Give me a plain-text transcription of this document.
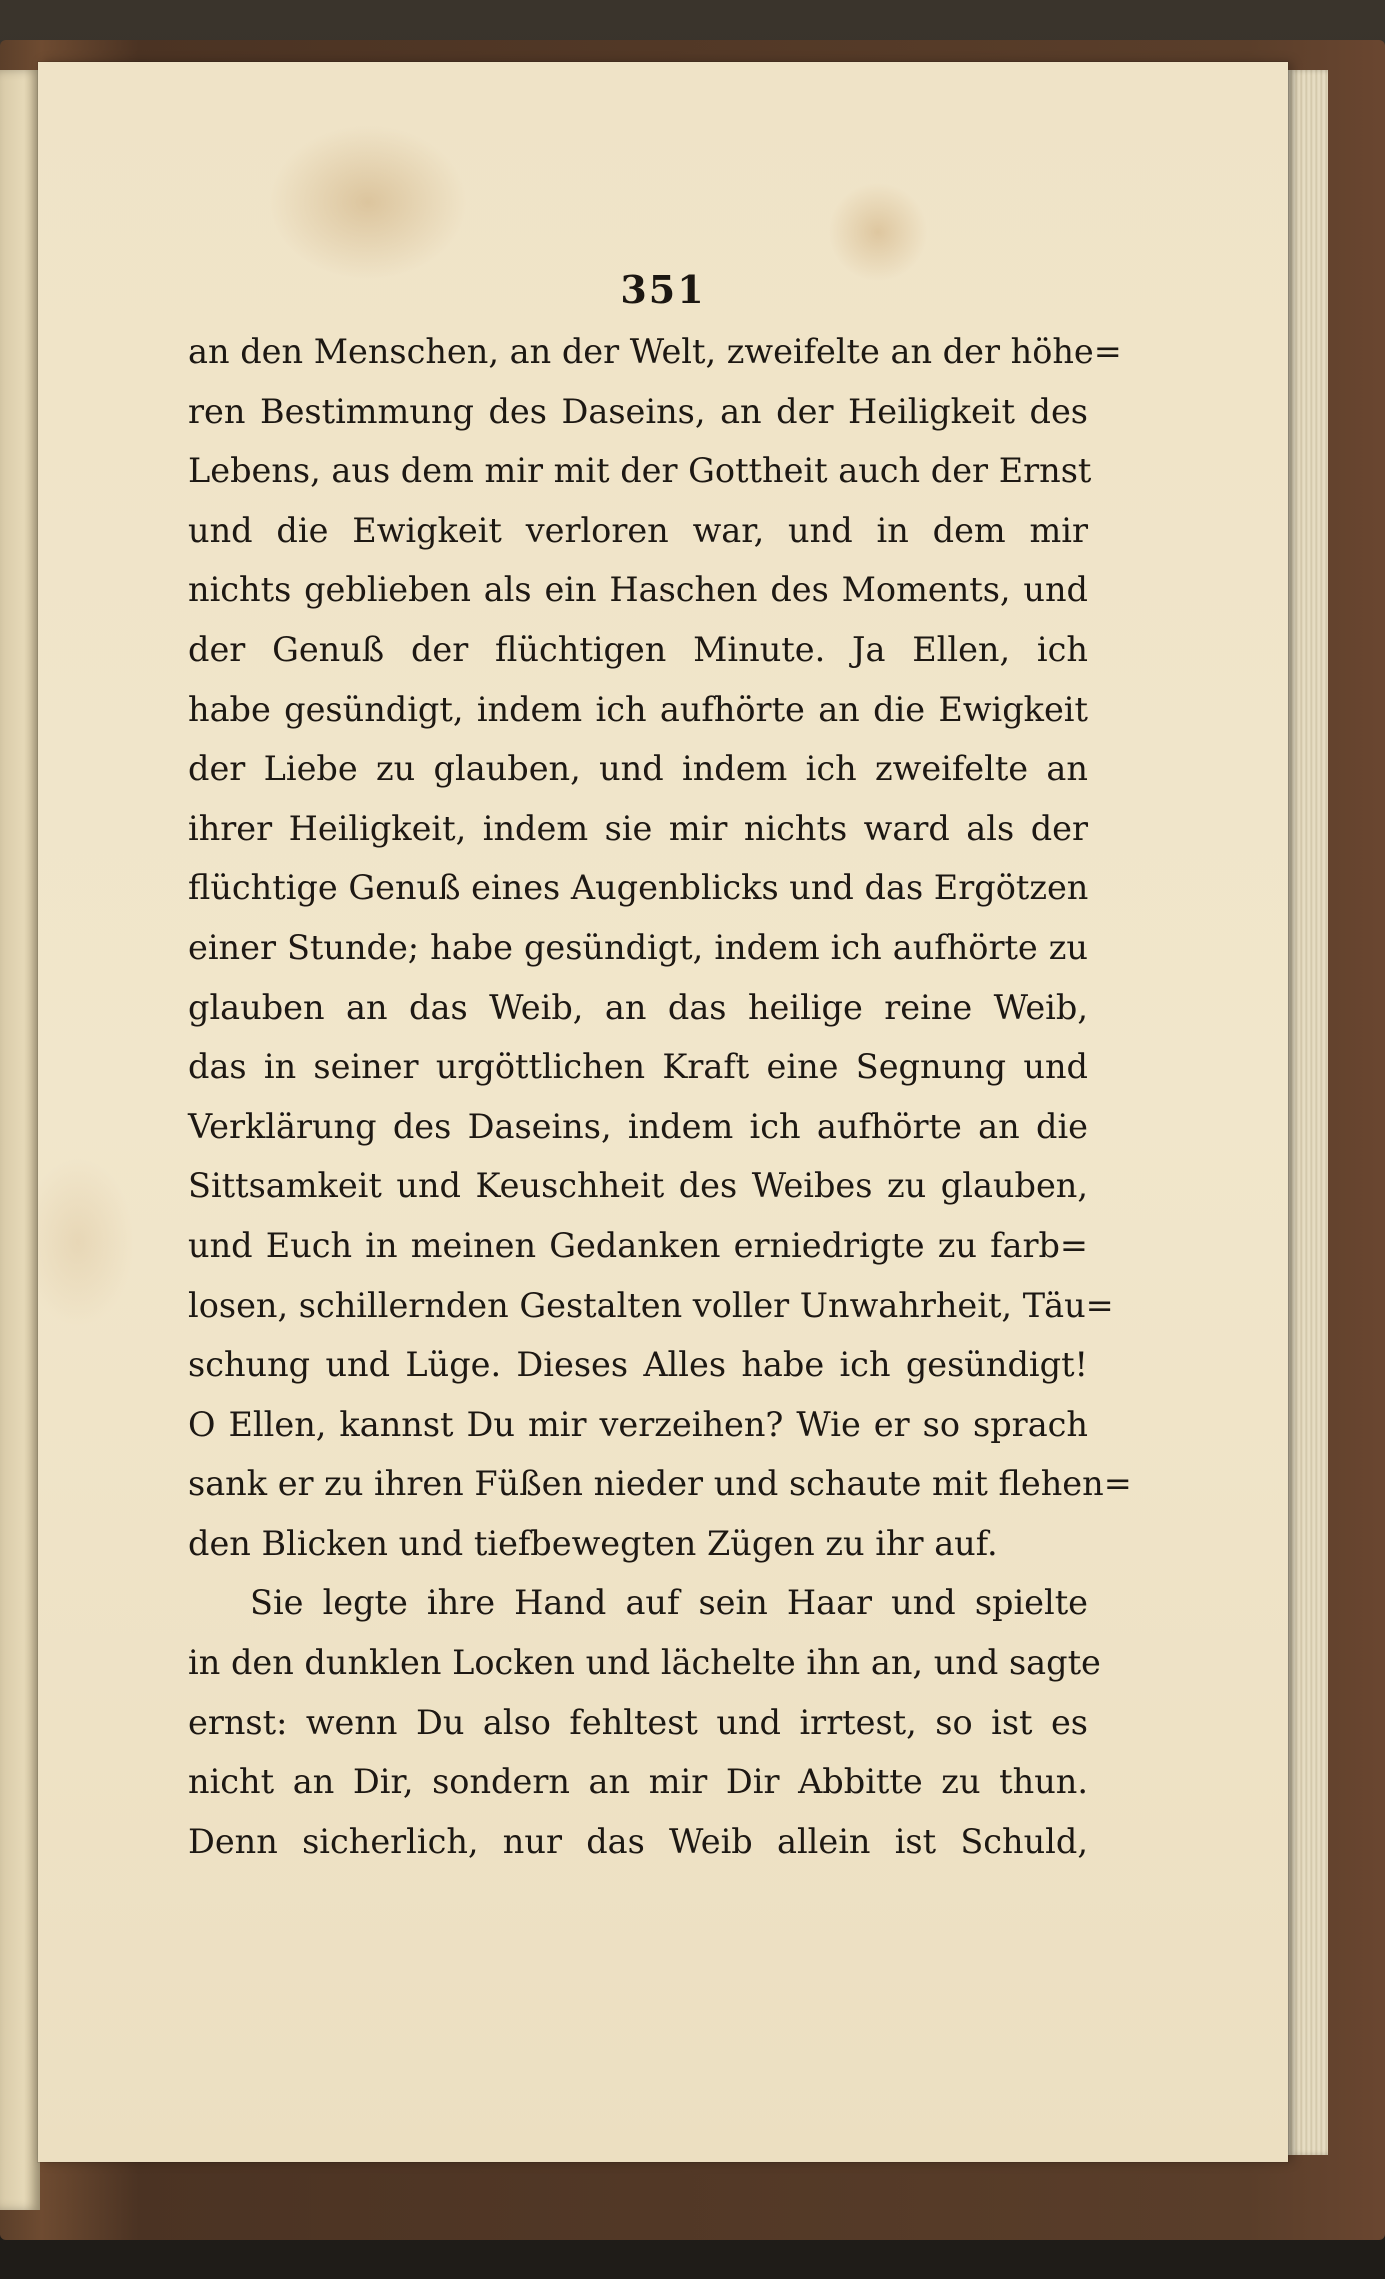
351
an den Menschen, an der Welt, zweifelte an der höhe=
ren Bestimmung des Daseins, an der Heiligkeit des
Lebens, aus dem mir mit der Gottheit auch der Ernst
und die Ewigkeit verloren war, und in dem mir
nichts geblieben als ein Haschen des Moments, und
der Genuß der flüchtigen Minute. Ja Ellen, ich
habe gesündigt, indem ich aufhörte an die Ewigkeit
der Liebe zu glauben, und indem ich zweifelte an
ihrer Heiligkeit, indem sie mir nichts ward als der
flüchtige Genuß eines Augenblicks und das Ergötzen
einer Stunde; habe gesündigt, indem ich aufhörte zu
glauben an das Weib, an das heilige reine Weib,
das in seiner urgöttlichen Kraft eine Segnung und
Verklärung des Daseins, indem ich aufhörte an die
Sittsamkeit und Keuschheit des Weibes zu glauben,
und Euch in meinen Gedanken erniedrigte zu farb=
losen, schillernden Gestalten voller Unwahrheit, Täu=
schung und Lüge. Dieses Alles habe ich gesündigt!
O Ellen, kannst Du mir verzeihen? Wie er so sprach
sank er zu ihren Füßen nieder und schaute mit flehen=
den Blicken und tiefbewegten Zügen zu ihr auf.
Sie legte ihre Hand auf sein Haar und spielte
in den dunklen Locken und lächelte ihn an, und sagte
ernst: wenn Du also fehltest und irrtest, so ist es
nicht an Dir, sondern an mir Dir Abbitte zu thun.
Denn sicherlich, nur das Weib allein ist Schuld,
